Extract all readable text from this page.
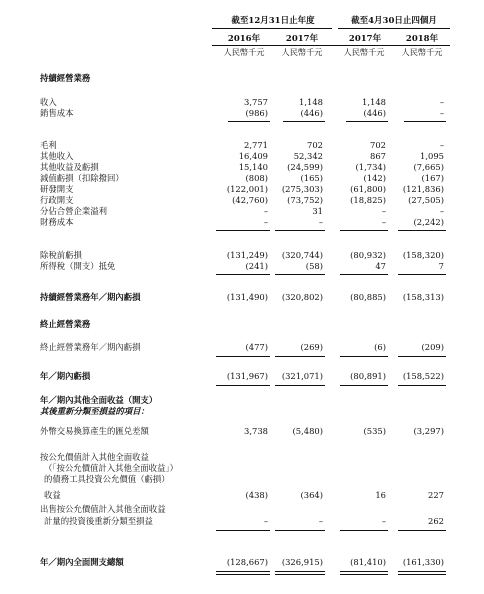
截至12月31日止年度	截至4月30日止四個月
2016年	2017年	2017年	2018年
人民幣千元	人民幣千元	人民幣千元	人民幣千元
持續經營業務
收入	3,757	1,148	1,148	–
銷售成本	(986)	(446)	(446)	–
毛利	2,771	702	702	–
其他收入	16,409	52,342	867	1,095
其他收益及虧損	15,140	(24,599)	(1,734)	(7,665)
減值虧損（扣除撥回）	(808)	(165)	(142)	(167)
研發開支	(122,001)	(275,303)	(61,800)	(121,836)
行政開支	(42,760)	(73,752)	(18,825)	(27,505)
分佔合營企業溢利	–	31	–	–
財務成本	–	–	–	(2,242)
除稅前虧損	(131,249)	(320,744)	(80,932)	(158,320)
所得稅（開支）抵免	(241)	(58)	47	7
持續經營業務年／期內虧損	(131,490)	(320,802)	(80,885)	(158,313)
終止經營業務
終止經營業務年／期內虧損	(477)	(269)	(6)	(209)
年／期內虧損	(131,967)	(321,071)	(80,891)	(158,522)
年／期內其他全面收益（開支）
其後重新分類至損益的項目：
外幣交易換算產生的匯兑差額	3,738	(5,480)	(535)	(3,297)
按公允價值計入其他全面收益
（「按公允價值計入其他全面收益」）
的債務工具投資公允價值（虧損）
收益	(438)	(364)	16	227
出售按公允價值計入其他全面收益
計量的投資後重新分類至損益	–	–	–	262
年／期內全面開支總額	(128,667)	(326,915)	(81,410)	(161,330)
